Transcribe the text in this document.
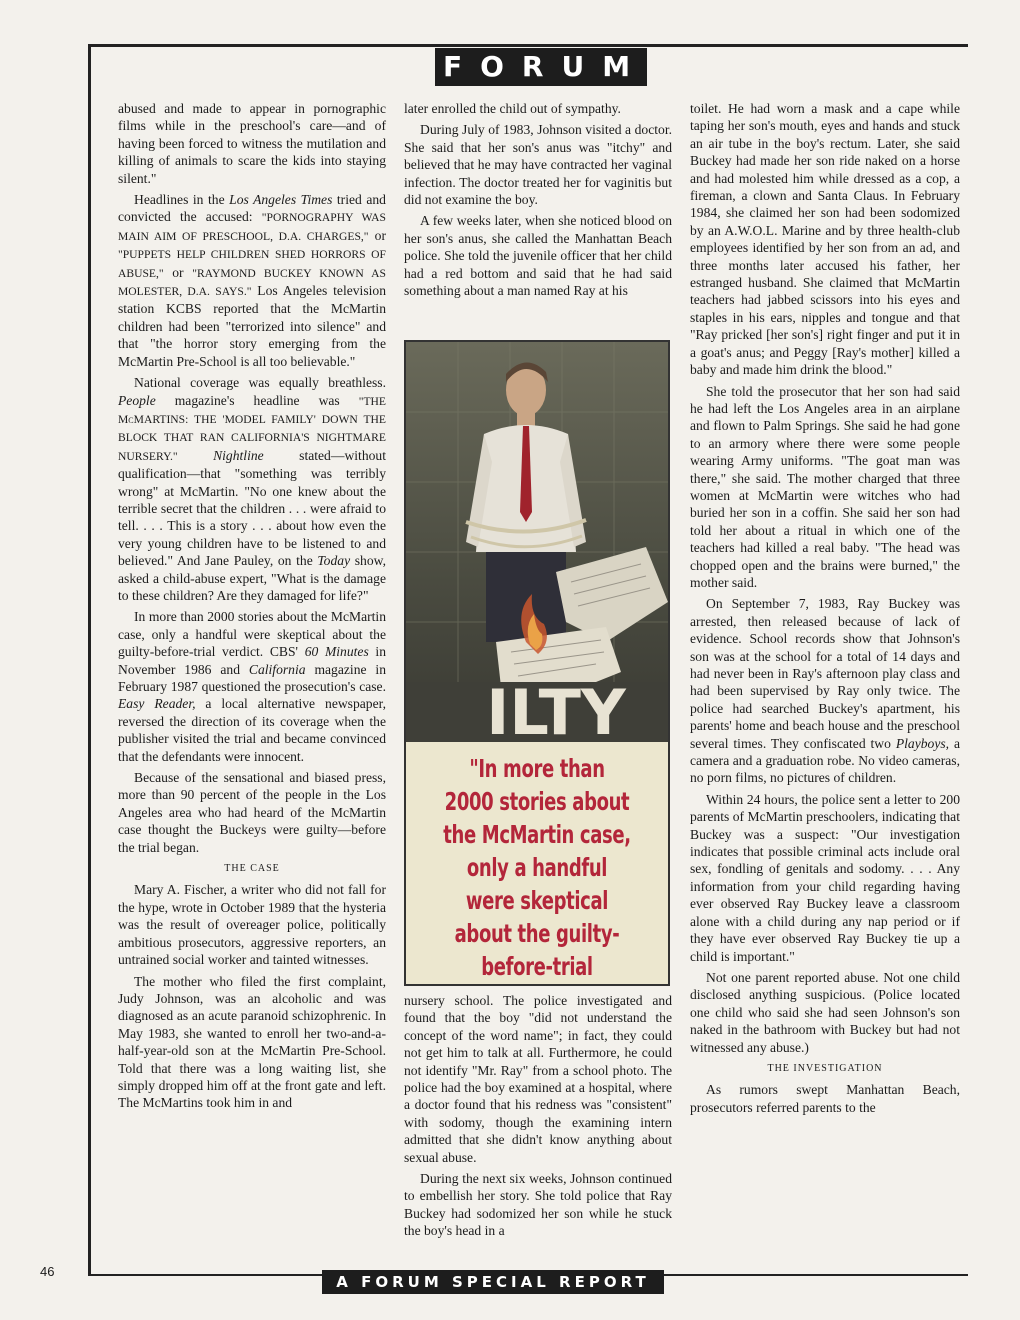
FORUM

abused and made to appear in pornographic films while in the preschool's care—and of having been forced to witness the mutilation and killing of animals to scare the kids into staying silent."

Headlines in the Los Angeles Times tried and convicted the accused: "PORNOGRAPHY WAS MAIN AIM OF PRESCHOOL, D.A. CHARGES," or "PUPPETS HELP CHILDREN SHED HORRORS OF ABUSE," or "RAYMOND BUCKEY KNOWN AS MOLESTER, D.A. SAYS." Los Angeles television station KCBS reported that the McMartin children had been "terrorized into silence" and that "the horror story emerging from the McMartin Pre-School is all too believable."

National coverage was equally breathless. People magazine's headline was "THE McMARTINS: THE 'MODEL FAMILY' DOWN THE BLOCK THAT RAN CALIFORNIA'S NIGHTMARE NURSERY."	Nightline stated—without qualification—that "something was terribly wrong" at McMartin. "No one knew about the terrible secret that the children . . . were afraid to tell. . . . This is a story . . . about how even the very young children have to be listened to and believed." And Jane Pauley, on the Today show, asked a child-abuse expert, "What is the damage to these children? Are they damaged for life?"

In more than 2000 stories about the McMartin case, only a handful were skeptical about the guilty-before-trial verdict. CBS' 60 Minutes in November 1986 and California magazine in February 1987 questioned the prosecution's case. Easy Reader, a local alternative newspaper, reversed the direction of its coverage when the publisher visited the trial and became convinced that the defendants were innocent.

Because of the sensational and biased press, more than 90 percent of the people in the Los Angeles area who had heard of the McMartin case thought the Buckeys were guilty—before the trial began.

THE CASE

Mary A. Fischer, a writer who did not fall for the hype, wrote in October 1989 that the hysteria was the result of overeager police, politically ambitious prosecutors, aggressive reporters, an untrained social worker and tainted witnesses.

The mother who filed the first complaint, Judy Johnson, was an alcoholic and was diagnosed as an acute paranoid schizophrenic. In May 1983, she wanted to enroll her two-and-a-half-year-old son at the McMartin Pre-School. Told that there was a long waiting list, she simply dropped him off at the front gate and left. The McMartins took him in and

later enrolled the child out of sympathy.

During July of 1983, Johnson visited a doctor. She said that her son's anus was "itchy" and believed that he may have contracted her vaginal infection. The doctor treated her for vaginitis but did not examine the boy.

A few weeks later, when she noticed blood on her son's anus, she called the Manhattan Beach police. She told the juvenile officer that her child had a red bottom and said that he had said something about a man named Ray at his

ILTY
"In more than 2000 stories about the McMartin case, only a handful were skeptical about the guilty-before-trial

nursery school. The police investigated and found that the boy "did not understand the concept of the word name"; in fact, they could not get him to talk at all. Furthermore, he could not identify "Mr. Ray" from a school photo. The police had the boy examined at a hospital, where a doctor found that his redness was "consistent" with sodomy, though the examining intern admitted that she didn't know anything about sexual abuse.

During the next six weeks, Johnson continued to embellish her story. She told police that Ray Buckey had sodomized her son while he stuck the boy's head in a

toilet. He had worn a mask and a cape while taping her son's mouth, eyes and hands and stuck an air tube in the boy's rectum. Later, she said Buckey had made her son ride naked on a horse and had molested him while dressed as a cop, a fireman, a clown and Santa Claus. In February 1984, she claimed her son had been sodomized by an A.W.O.L. Marine and by three health-club employees identified by her son from an ad, and three months later accused his father, her estranged husband. She claimed that McMartin teachers had jabbed scissors into his eyes and staples in his ears, nipples and tongue and that "Ray pricked [her son's] right finger and put it in a goat's anus; and Peggy [Ray's mother] killed a baby and made him drink the blood."

She told the prosecutor that her son had said he had left the Los Angeles area in an airplane and flown to Palm Springs. She said he had gone to an armory where there were some people wearing Army uniforms. "The goat man was there," she said. The mother charged that three women at McMartin were witches who had buried her son in a coffin. She said her son had told her about a ritual in which one of the teachers had killed a real baby. "The head was chopped open and the brains were burned," the mother said.

On September 7, 1983, Ray Buckey was arrested, then released because of lack of evidence. School records show that Johnson's son was at the school for a total of 14 days and had never been in Ray's afternoon play class and had been supervised by Ray only twice. The police had searched Buckey's apartment, his parents' home and beach house and the preschool several times. They confiscated two Playboys, a camera and a graduation robe. No video cameras, no porn films, no pictures of children.

Within 24 hours, the police sent a letter to 200 parents of McMartin preschoolers, indicating that Buckey was a suspect: "Our investigation indicates that possible criminal acts include oral sex, fondling of genitals and sodomy. . . . Any information from your child regarding having ever observed Ray Buckey leave a classroom alone with a child during any nap period or if they have ever observed Ray Buckey tie up a child is important."

Not one parent reported abuse. Not one child disclosed anything suspicious. (Police located one child who said she had seen Johnson's son naked in the bathroom with Buckey but had not witnessed any abuse.)

THE INVESTIGATION

As rumors swept Manhattan Beach, prosecutors referred parents to the

46
A FORUM SPECIAL REPORT
